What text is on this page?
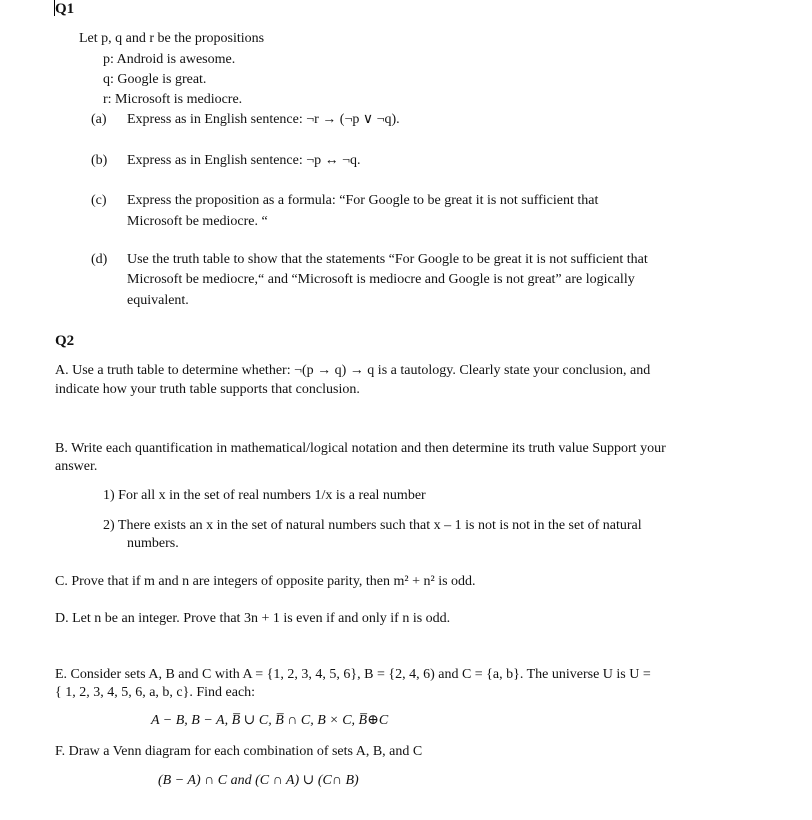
Q1
Let p, q and r be the propositions
p: Android is awesome.
q: Google is great.
r: Microsoft is mediocre.
(a) Express as in English sentence: ¬r → (¬p ∨ ¬q).
(b) Express as in English sentence: ¬p ↔ ¬q.
(c) Express the proposition as a formula: “For Google to be great it is not sufficient that
Microsoft be mediocre. “
(d) Use the truth table to show that the statements “For Google to be great it is not sufficient that
Microsoft be mediocre,“ and “Microsoft is mediocre and Google is not great” are logically
equivalent.
Q2
A. Use a truth table to determine whether: ¬(p → q) → q is a tautology. Clearly state your conclusion, and
indicate how your truth table supports that conclusion.
B. Write each quantification in mathematical/logical notation and then determine its truth value Support your
answer.
1) For all x in the set of real numbers 1/x is a real number
2) There exists an x in the set of natural numbers such that x – 1 is not is not in the set of natural
numbers.
C. Prove that if m and n are integers of opposite parity, then m² + n² is odd.
D. Let n be an integer. Prove that 3n + 1 is even if and only if n is odd.
E. Consider sets A, B and C with A = {1, 2, 3, 4, 5, 6}, B = {2, 4, 6) and C = {a, b}. The universe U is U =
{ 1, 2, 3, 4, 5, 6, a, b, c}. Find each:
A − B, B − A, B̅ ∪ C, B̅ ∩ C, B × C, B̅⊕C
F. Draw a Venn diagram for each combination of sets A, B, and C
(B − A) ∩ C and (C ∩ A) ∪ (C∩ B)
